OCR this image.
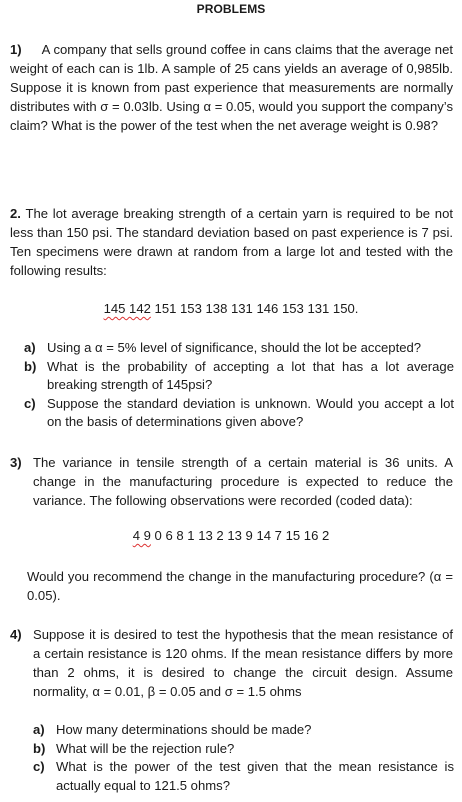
PROBLEMS
1) A company that sells ground coffee in cans claims that the average net weight of each can is 1lb. A sample of 25 cans yields an average of 0,985lb. Suppose it is known from past experience that measurements are normally distributes with σ = 0.03lb. Using α = 0.05, would you support the company’s claim? What is the power of the test when the net average weight is 0.98?
2. The lot average breaking strength of a certain yarn is required to be not less than 150 psi. The standard deviation based on past experience is 7 psi. Ten specimens were drawn at random from a large lot and tested with the following results:
145 142 151 153 138 131 146 153 131 150.
a) Using a α = 5% level of significance, should the lot be accepted?
b) What is the probability of accepting a lot that has a lot average breaking strength of 145psi?
c) Suppose the standard deviation is unknown. Would you accept a lot on the basis of determinations given above?
3) The variance in tensile strength of a certain material is 36 units. A change in the manufacturing procedure is expected to reduce the variance. The following observations were recorded (coded data):
4 9 0 6 8 1 13 2 13 9 14 7 15 16 2
Would you recommend the change in the manufacturing procedure? (α = 0.05).
4) Suppose it is desired to test the hypothesis that the mean resistance of a certain resistance is 120 ohms. If the mean resistance differs by more than 2 ohms, it is desired to change the circuit design. Assume normality, α = 0.01, β = 0.05 and σ = 1.5 ohms
a) How many determinations should be made?
b) What will be the rejection rule?
c) What is the power of the test given that the mean resistance is actually equal to 121.5 ohms?
